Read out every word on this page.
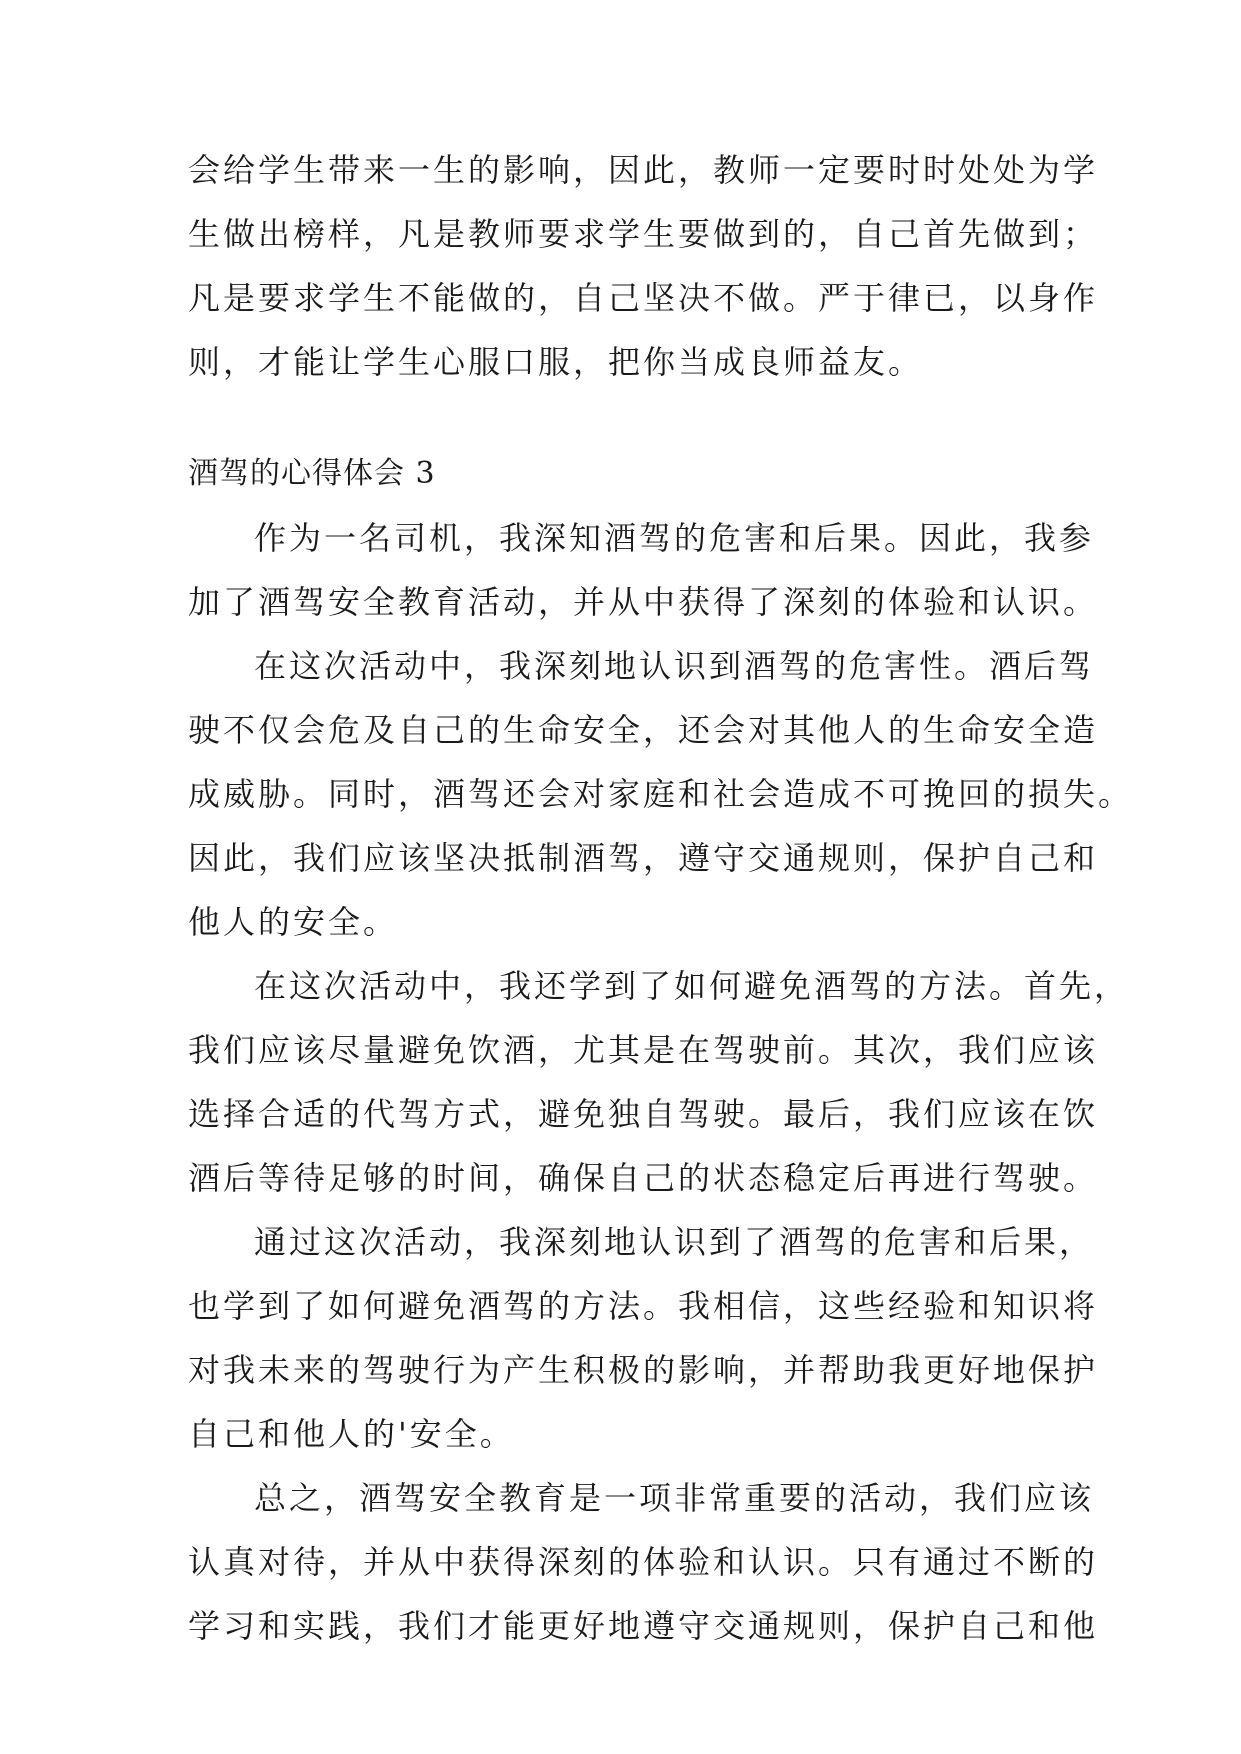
会给学生带来一生的影响，因此，教师一定要时时处处为学
生做出榜样，凡是教师要求学生要做到的，自己首先做到；
凡是要求学生不能做的，自己坚决不做。严于律已，以身作
则，才能让学生心服口服，把你当成良师益友。
酒驾的心得体会 3
作为一名司机，我深知酒驾的危害和后果。因此，我参
加了酒驾安全教育活动，并从中获得了深刻的体验和认识。
在这次活动中，我深刻地认识到酒驾的危害性。酒后驾
驶不仅会危及自己的生命安全，还会对其他人的生命安全造
成威胁。同时，酒驾还会对家庭和社会造成不可挽回的损失。
因此，我们应该坚决抵制酒驾，遵守交通规则，保护自己和
他人的安全。
在这次活动中，我还学到了如何避免酒驾的方法。首先，
我们应该尽量避免饮酒，尤其是在驾驶前。其次，我们应该
选择合适的代驾方式，避免独自驾驶。最后，我们应该在饮
酒后等待足够的时间，确保自己的状态稳定后再进行驾驶。
通过这次活动，我深刻地认识到了酒驾的危害和后果，
也学到了如何避免酒驾的方法。我相信，这些经验和知识将
对我未来的驾驶行为产生积极的影响，并帮助我更好地保护
自己和他人的'安全。
总之，酒驾安全教育是一项非常重要的活动，我们应该
认真对待，并从中获得深刻的体验和认识。只有通过不断的
学习和实践，我们才能更好地遵守交通规则，保护自己和他
